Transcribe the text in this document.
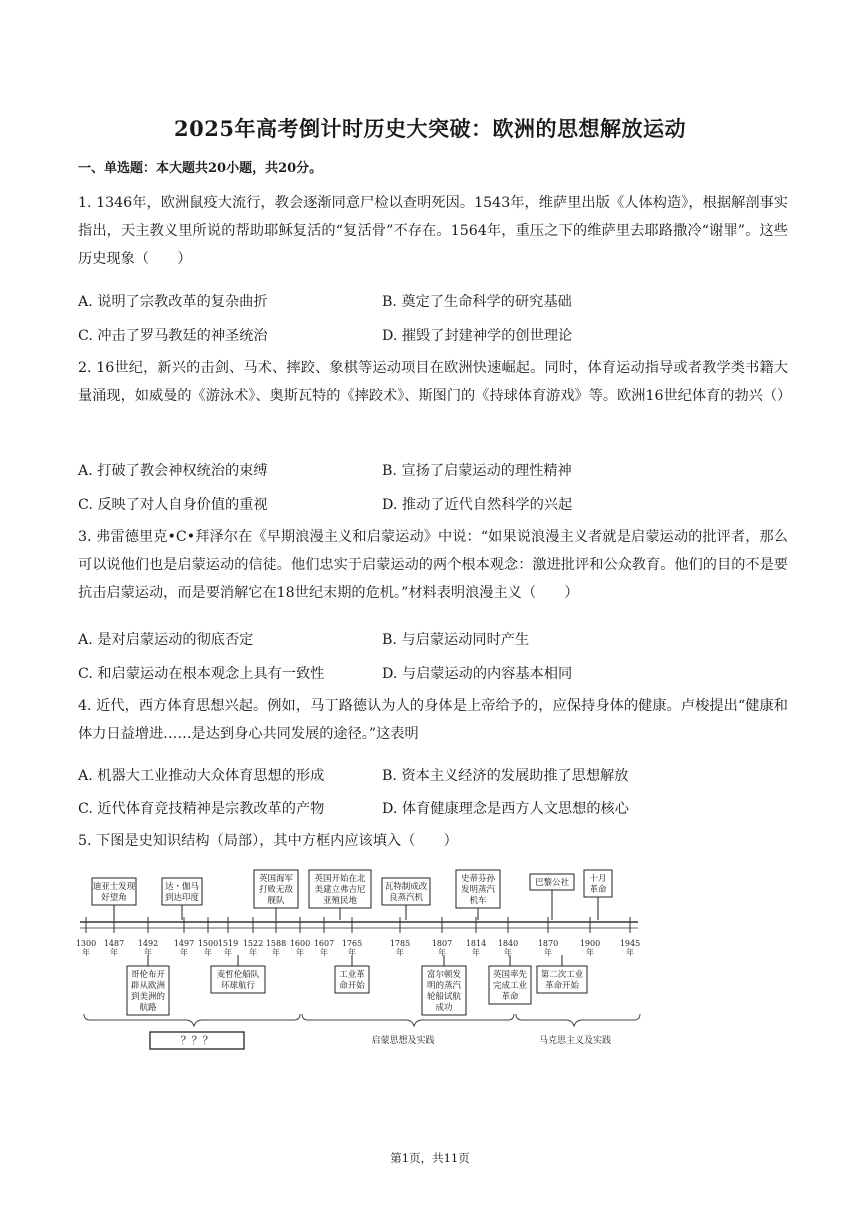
2025年高考倒计时历史大突破：欧洲的思想解放运动
一、单选题：本大题共20小题，共20分。
1. 1346年，欧洲鼠疫大流行，教会逐渐同意尸检以查明死因。1543年，维萨里出版《人体构造》，根据解剖事实指出，天主教义里所说的帮助耶稣复活的“复活骨”不存在。1564年，重压之下的维萨里去耶路撒冷“谢罪”。这些历史现象（　　）
A. 说明了宗教改革的复杂曲折	B. 奠定了生命科学的研究基础
C. 冲击了罗马教廷的神圣统治	D. 摧毁了封建神学的创世理论
2. 16世纪，新兴的击剑、马术、摔跤、象棋等运动项目在欧洲快速崛起。同时，体育运动指导或者教学类书籍大量涌现，如威曼的《游泳术》、奥斯瓦特的《摔跤术》、斯图门的《持球体育游戏》等。欧洲16世纪体育的勃兴（）
A. 打破了教会神权统治的束缚	B. 宣扬了启蒙运动的理性精神
C. 反映了对人自身价值的重视	D. 推动了近代自然科学的兴起
3. 弗雷德里克•C•拜泽尔在《早期浪漫主义和启蒙运动》中说：“如果说浪漫主义者就是启蒙运动的批评者，那么可以说他们也是启蒙运动的信徒。他们忠实于启蒙运动的两个根本观念：激进批评和公众教育。他们的目的不是要抗击启蒙运动，而是要消解它在18世纪末期的危机。”材料表明浪漫主义（　　）
A. 是对启蒙运动的彻底否定	B. 与启蒙运动同时产生
C. 和启蒙运动在根本观念上具有一致性	D. 与启蒙运动的内容基本相同
4. 近代，西方体育思想兴起。例如，马丁路德认为人的身体是上帝给予的，应保持身体的健康。卢梭提出“健康和体力日益增进……是达到身心共同发展的途径。”这表明
A. 机器大工业推动大众体育思想的形成	B. 资本主义经济的发展助推了思想解放
C. 近代体育竞技精神是宗教改革的产物	D. 体育健康理念是西方人文思想的核心
5. 下图是史知识结构（局部），其中方框内应该填入（　　）
1300 年
1487 年
1492 年
1497 年
1500 年
1519 年
1522 年
1588 年
1600 年
1607 年
1765 年
1785 年
1807 年
1814 年
1840 年
1870 年
1900 年
1945 年
迪亚士发现
好望角
达・伽马
到达印度
英国海军
打败无敌
舰队
英国开始在北
美建立弗吉尼
亚殖民地
瓦特制成改
良蒸汽机
史蒂芬孙
发明蒸汽
机车
巴黎公社 十月
革命
哥伦布开
辟从欧洲
到美洲的
航路
麦哲伦船队
环球航行
工业革
命开始
富尔顿发
明的蒸汽
轮船试航
成功
英国率先
完成工业
革命
第二次工业
革命开始
？？？	启蒙思想及实践	马克思主义及实践
第1页，共11页
